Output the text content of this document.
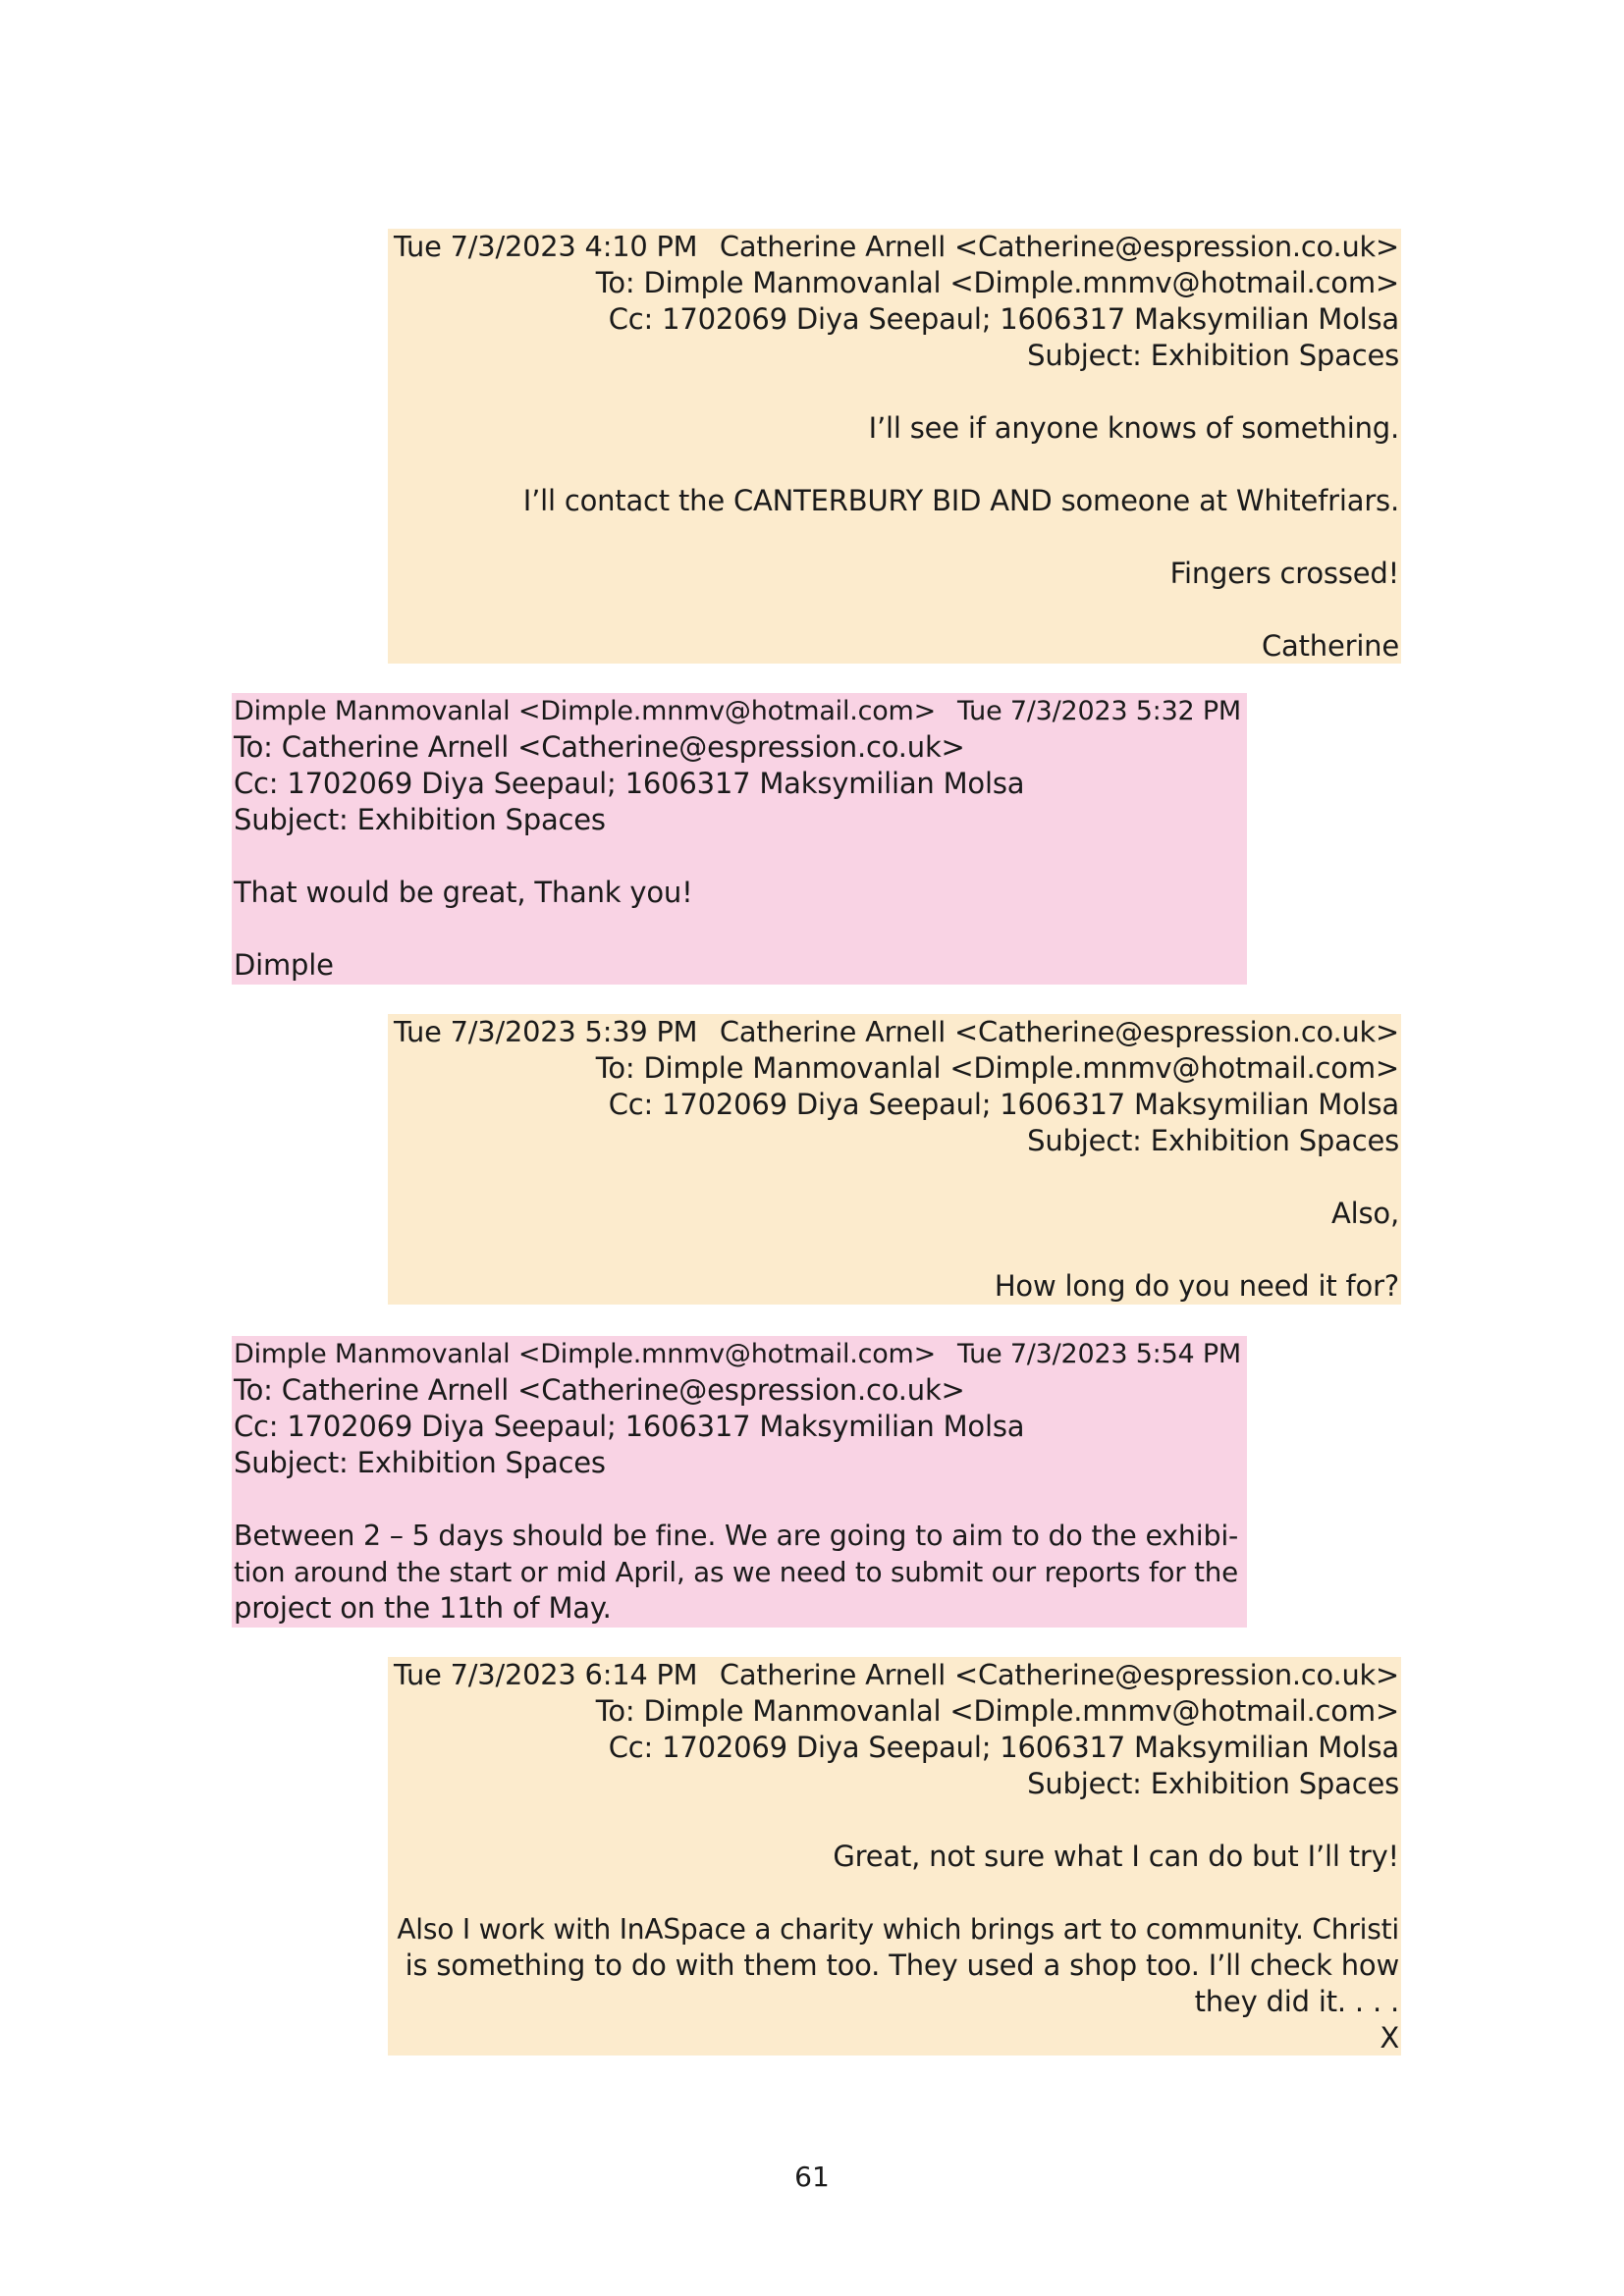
Tue 7/3/2023 4:10 PM Catherine Arnell <Catherine@espression.co.uk>
To: Dimple Manmovanlal <Dimple.mnmv@hotmail.com>
Cc: 1702069 Diya Seepaul; 1606317 Maksymilian Molsa
Subject: Exhibition Spaces
I’ll see if anyone knows of something.
I’ll contact the CANTERBURY BID AND someone at Whitefriars.
Fingers crossed!
Catherine
Dimple Manmovanlal <Dimple.mnmv@hotmail.com> Tue 7/3/2023 5:32 PM
To: Catherine Arnell <Catherine@espression.co.uk>
Cc: 1702069 Diya Seepaul; 1606317 Maksymilian Molsa
Subject: Exhibition Spaces
That would be great, Thank you!
Dimple
Tue 7/3/2023 5:39 PM Catherine Arnell <Catherine@espression.co.uk>
To: Dimple Manmovanlal <Dimple.mnmv@hotmail.com>
Cc: 1702069 Diya Seepaul; 1606317 Maksymilian Molsa
Subject: Exhibition Spaces
Also,
How long do you need it for?
Dimple Manmovanlal <Dimple.mnmv@hotmail.com> Tue 7/3/2023 5:54 PM
To: Catherine Arnell <Catherine@espression.co.uk>
Cc: 1702069 Diya Seepaul; 1606317 Maksymilian Molsa
Subject: Exhibition Spaces
Between 2 – 5 days should be fine. We are going to aim to do the exhibi-
tion around the start or mid April, as we need to submit our reports for the
project on the 11th of May.
Tue 7/3/2023 6:14 PM Catherine Arnell <Catherine@espression.co.uk>
To: Dimple Manmovanlal <Dimple.mnmv@hotmail.com>
Cc: 1702069 Diya Seepaul; 1606317 Maksymilian Molsa
Subject: Exhibition Spaces
Great, not sure what I can do but I’ll try!
Also I work with InASpace a charity which brings art to community. Christi
is something to do with them too. They used a shop too. I’ll check how
they did it. . . .
X
61
